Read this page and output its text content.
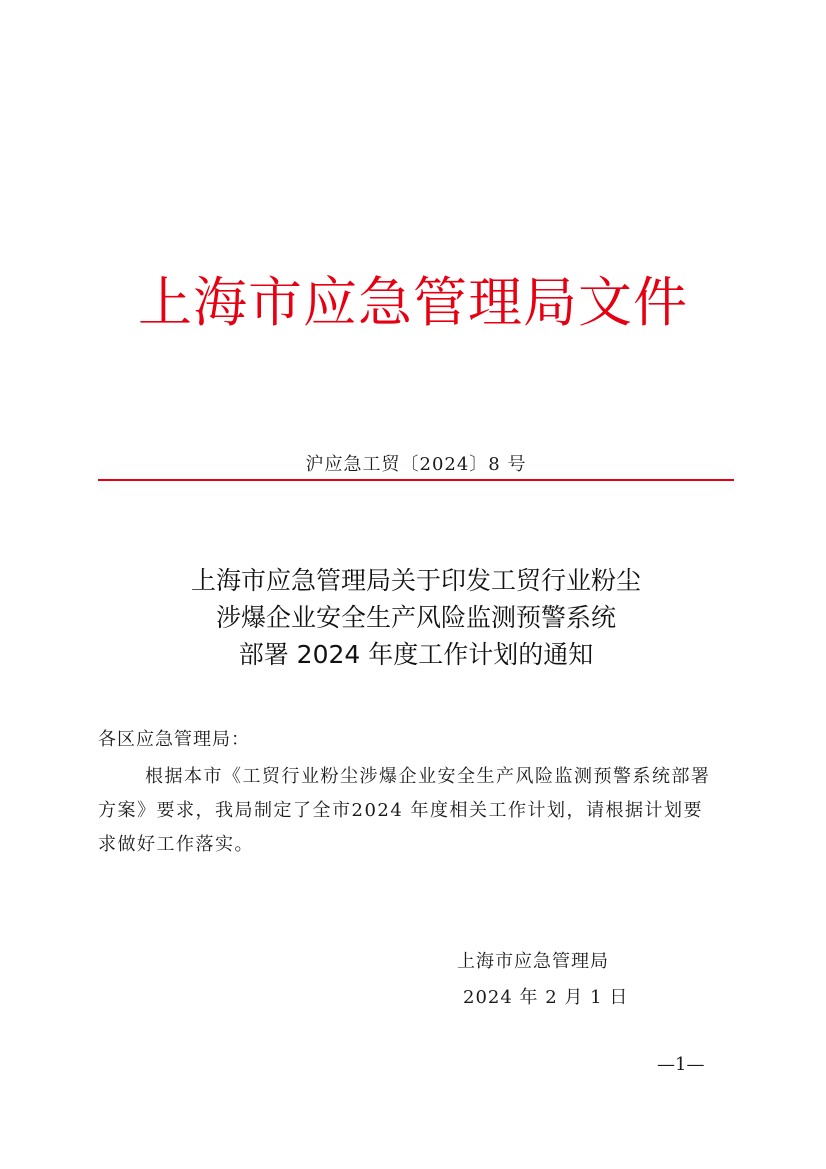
上海市应急管理局文件
沪应急工贸〔2024〕8 号
上海市应急管理局关于印发工贸行业粉尘
涉爆企业安全生产风险监测预警系统
部署 2024 年度工作计划的通知
各区应急管理局：
根据本市《工贸行业粉尘涉爆企业安全生产风险监测预警系统部署方案》要求，我局制定了全市2024 年度相关工作计划，请根据计划要求做好工作落实。
上海市应急管理局
2024 年 2 月 1 日
—1—
